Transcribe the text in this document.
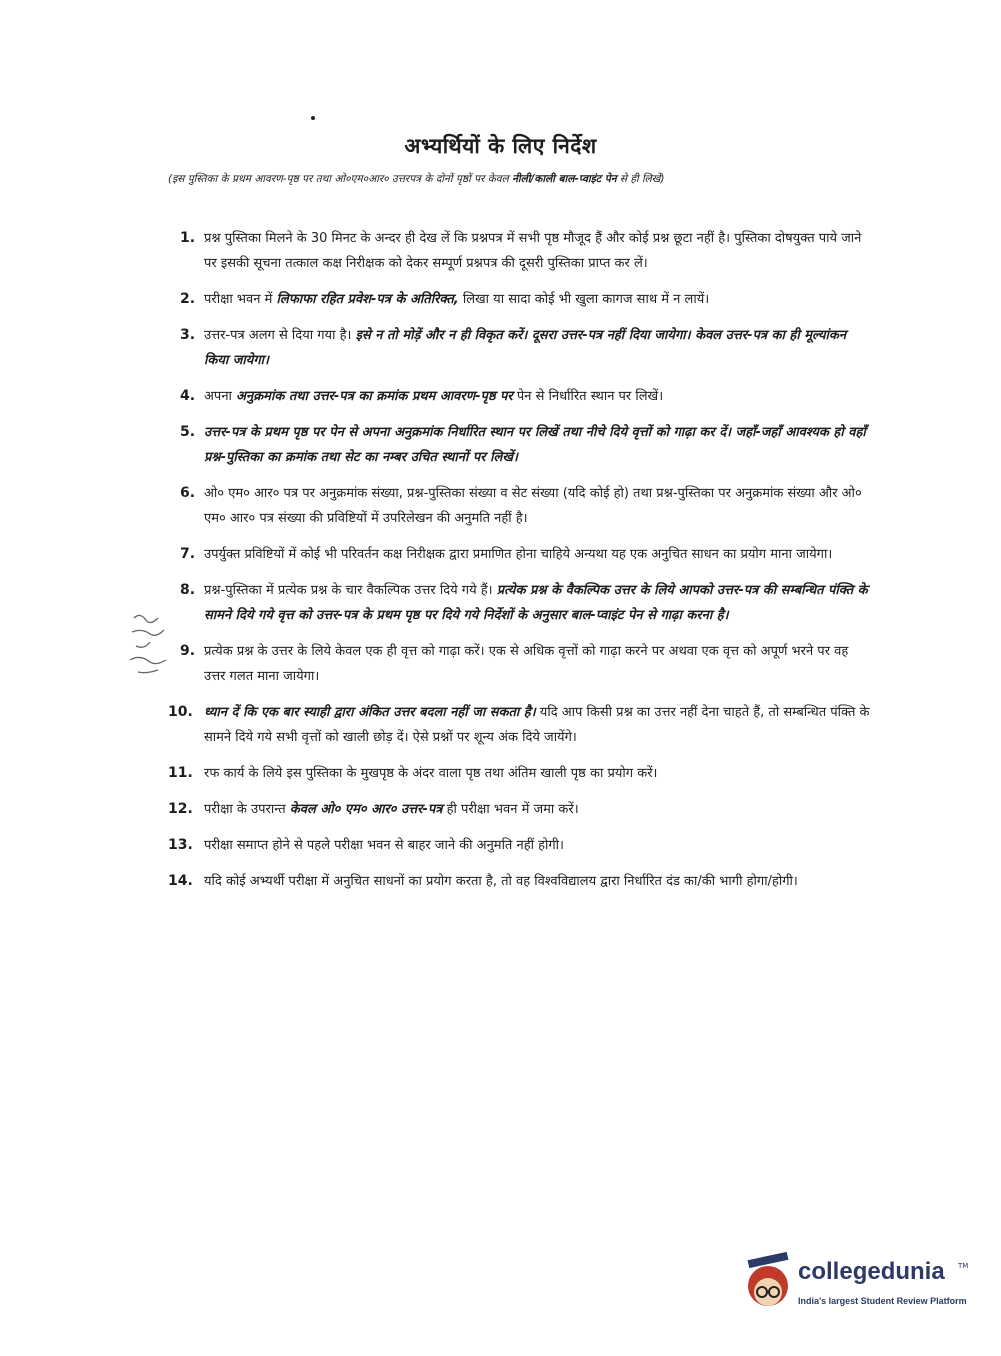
अभ्यर्थियों के लिए निर्देश
(इस पुस्तिका के प्रथम आवरण-पृष्ठ पर तथा ओ०एम०आर० उत्तरपत्र के दोनों पृष्ठों पर केवल नीली/काली बाल-प्वाइंट पेन से ही लिखें)
1. प्रश्न पुस्तिका मिलने के 30 मिनट के अन्दर ही देख लें कि प्रश्नपत्र में सभी पृष्ठ मौजूद हैं और कोई प्रश्न छूटा नहीं है। पुस्तिका दोषयुक्त पाये जाने पर इसकी सूचना तत्काल कक्ष निरीक्षक को देकर सम्पूर्ण प्रश्नपत्र की दूसरी पुस्तिका प्राप्त कर लें।
2. परीक्षा भवन में लिफाफा रहित प्रवेश-पत्र के अतिरिक्त, लिखा या सादा कोई भी खुला कागज साथ में न लायें।
3. उत्तर-पत्र अलग से दिया गया है। इसे न तो मोड़ें और न ही विकृत करें। दूसरा उत्तर-पत्र नहीं दिया जायेगा। केवल उत्तर-पत्र का ही मूल्यांकन किया जायेगा।
4. अपना अनुक्रमांक तथा उत्तर-पत्र का क्रमांक प्रथम आवरण-पृष्ठ पर पेन से निर्धारित स्थान पर लिखें।
5. उत्तर-पत्र के प्रथम पृष्ठ पर पेन से अपना अनुक्रमांक निर्धारित स्थान पर लिखें तथा नीचे दिये वृत्तों को गाढ़ा कर दें। जहाँ-जहाँ आवश्यक हो वहाँ प्रश्न-पुस्तिका का क्रमांक तथा सेट का नम्बर उचित स्थानों पर लिखें।
6. ओ० एम० आर० पत्र पर अनुक्रमांक संख्या, प्रश्न-पुस्तिका संख्या व सेट संख्या (यदि कोई हो) तथा प्रश्न-पुस्तिका पर अनुक्रमांक संख्या और ओ० एम० आर० पत्र संख्या की प्रविष्टियों में उपरिलेखन की अनुमति नहीं है।
7. उपर्युक्त प्रविष्टियों में कोई भी परिवर्तन कक्ष निरीक्षक द्वारा प्रमाणित होना चाहिये अन्यथा यह एक अनुचित साधन का प्रयोग माना जायेगा।
8. प्रश्न-पुस्तिका में प्रत्येक प्रश्न के चार वैकल्पिक उत्तर दिये गये हैं। प्रत्येक प्रश्न के वैकल्पिक उत्तर के लिये आपको उत्तर-पत्र की सम्बन्धित पंक्ति के सामने दिये गये वृत्त को उत्तर-पत्र के प्रथम पृष्ठ पर दिये गये निर्देशों के अनुसार बाल-प्वाइंट पेन से गाढ़ा करना है।
9. प्रत्येक प्रश्न के उत्तर के लिये केवल एक ही वृत्त को गाढ़ा करें। एक से अधिक वृत्तों को गाढ़ा करने पर अथवा एक वृत्त को अपूर्ण भरने पर वह उत्तर गलत माना जायेगा।
10. ध्यान दें कि एक बार स्याही द्वारा अंकित उत्तर बदला नहीं जा सकता है। यदि आप किसी प्रश्न का उत्तर नहीं देना चाहते हैं, तो सम्बन्धित पंक्ति के सामने दिये गये सभी वृत्तों को खाली छोड़ दें। ऐसे प्रश्नों पर शून्य अंक दिये जायेंगे।
11. रफ कार्य के लिये इस पुस्तिका के मुखपृष्ठ के अंदर वाला पृष्ठ तथा अंतिम खाली पृष्ठ का प्रयोग करें।
12. परीक्षा के उपरान्त केवल ओ० एम० आर० उत्तर-पत्र ही परीक्षा भवन में जमा करें।
13. परीक्षा समाप्त होने से पहले परीक्षा भवन से बाहर जाने की अनुमति नहीं होगी।
14. यदि कोई अभ्यर्थी परीक्षा में अनुचित साधनों का प्रयोग करता है, तो वह विश्वविद्यालय द्वारा निर्धारित दंड का/की भागी होगा/होगी।
collegedunia TM
India's largest Student Review Platform
